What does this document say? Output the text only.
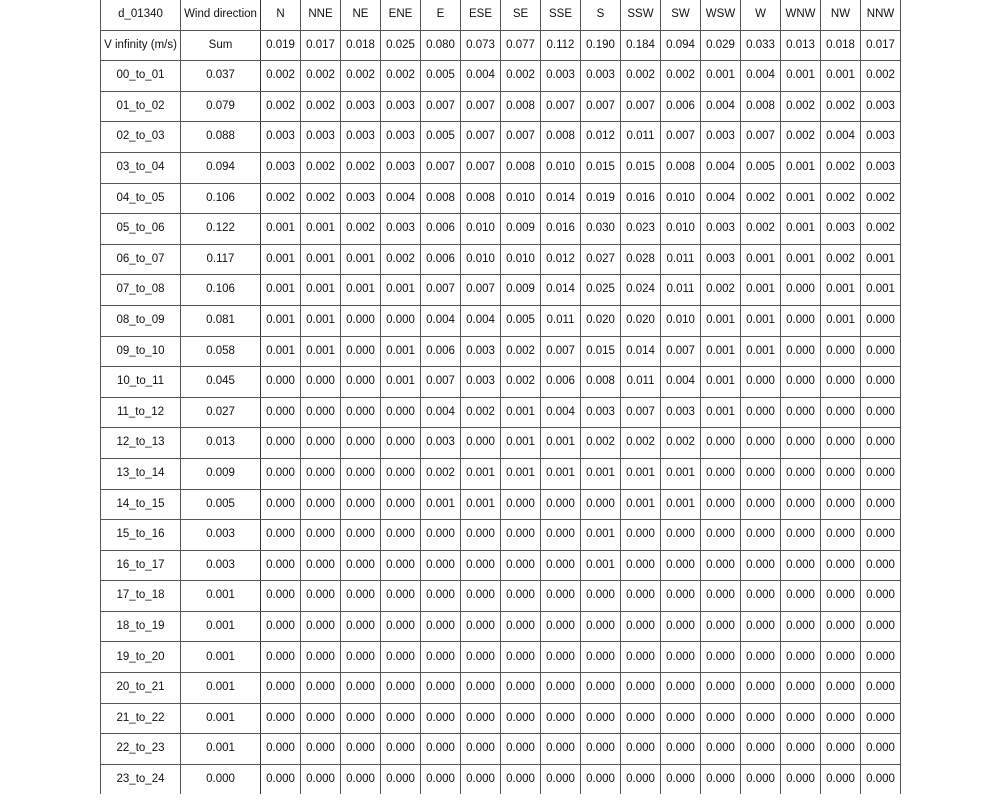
d_01340	Wind direction	N	NNE	NE	ENE	E	ESE	SE	SSE	S	SSW	SW	WSW	W	WNW	NW	NNW
V infinity (m/s)	Sum	0.019	0.017	0.018	0.025	0.080	0.073	0.077	0.112	0.190	0.184	0.094	0.029	0.033	0.013	0.018	0.017
00_to_01	0.037	0.002	0.002	0.002	0.002	0.005	0.004	0.002	0.003	0.003	0.002	0.002	0.001	0.004	0.001	0.001	0.002
01_to_02	0.079	0.002	0.002	0.003	0.003	0.007	0.007	0.008	0.007	0.007	0.007	0.006	0.004	0.008	0.002	0.002	0.003
02_to_03	0.088	0.003	0.003	0.003	0.003	0.005	0.007	0.007	0.008	0.012	0.011	0.007	0.003	0.007	0.002	0.004	0.003
03_to_04	0.094	0.003	0.002	0.002	0.003	0.007	0.007	0.008	0.010	0.015	0.015	0.008	0.004	0.005	0.001	0.002	0.003
04_to_05	0.106	0.002	0.002	0.003	0.004	0.008	0.008	0.010	0.014	0.019	0.016	0.010	0.004	0.002	0.001	0.002	0.002
05_to_06	0.122	0.001	0.001	0.002	0.003	0.006	0.010	0.009	0.016	0.030	0.023	0.010	0.003	0.002	0.001	0.003	0.002
06_to_07	0.117	0.001	0.001	0.001	0.002	0.006	0.010	0.010	0.012	0.027	0.028	0.011	0.003	0.001	0.001	0.002	0.001
07_to_08	0.106	0.001	0.001	0.001	0.001	0.007	0.007	0.009	0.014	0.025	0.024	0.011	0.002	0.001	0.000	0.001	0.001
08_to_09	0.081	0.001	0.001	0.000	0.000	0.004	0.004	0.005	0.011	0.020	0.020	0.010	0.001	0.001	0.000	0.001	0.000
09_to_10	0.058	0.001	0.001	0.000	0.001	0.006	0.003	0.002	0.007	0.015	0.014	0.007	0.001	0.001	0.000	0.000	0.000
10_to_11	0.045	0.000	0.000	0.000	0.001	0.007	0.003	0.002	0.006	0.008	0.011	0.004	0.001	0.000	0.000	0.000	0.000
11_to_12	0.027	0.000	0.000	0.000	0.000	0.004	0.002	0.001	0.004	0.003	0.007	0.003	0.001	0.000	0.000	0.000	0.000
12_to_13	0.013	0.000	0.000	0.000	0.000	0.003	0.000	0.001	0.001	0.002	0.002	0.002	0.000	0.000	0.000	0.000	0.000
13_to_14	0.009	0.000	0.000	0.000	0.000	0.002	0.001	0.001	0.001	0.001	0.001	0.001	0.000	0.000	0.000	0.000	0.000
14_to_15	0.005	0.000	0.000	0.000	0.000	0.001	0.001	0.000	0.000	0.000	0.001	0.001	0.000	0.000	0.000	0.000	0.000
15_to_16	0.003	0.000	0.000	0.000	0.000	0.000	0.000	0.000	0.000	0.001	0.000	0.000	0.000	0.000	0.000	0.000	0.000
16_to_17	0.003	0.000	0.000	0.000	0.000	0.000	0.000	0.000	0.000	0.001	0.000	0.000	0.000	0.000	0.000	0.000	0.000
17_to_18	0.001	0.000	0.000	0.000	0.000	0.000	0.000	0.000	0.000	0.000	0.000	0.000	0.000	0.000	0.000	0.000	0.000
18_to_19	0.001	0.000	0.000	0.000	0.000	0.000	0.000	0.000	0.000	0.000	0.000	0.000	0.000	0.000	0.000	0.000	0.000
19_to_20	0.001	0.000	0.000	0.000	0.000	0.000	0.000	0.000	0.000	0.000	0.000	0.000	0.000	0.000	0.000	0.000	0.000
20_to_21	0.001	0.000	0.000	0.000	0.000	0.000	0.000	0.000	0.000	0.000	0.000	0.000	0.000	0.000	0.000	0.000	0.000
21_to_22	0.001	0.000	0.000	0.000	0.000	0.000	0.000	0.000	0.000	0.000	0.000	0.000	0.000	0.000	0.000	0.000	0.000
22_to_23	0.001	0.000	0.000	0.000	0.000	0.000	0.000	0.000	0.000	0.000	0.000	0.000	0.000	0.000	0.000	0.000	0.000
23_to_24	0.000	0.000	0.000	0.000	0.000	0.000	0.000	0.000	0.000	0.000	0.000	0.000	0.000	0.000	0.000	0.000	0.000
